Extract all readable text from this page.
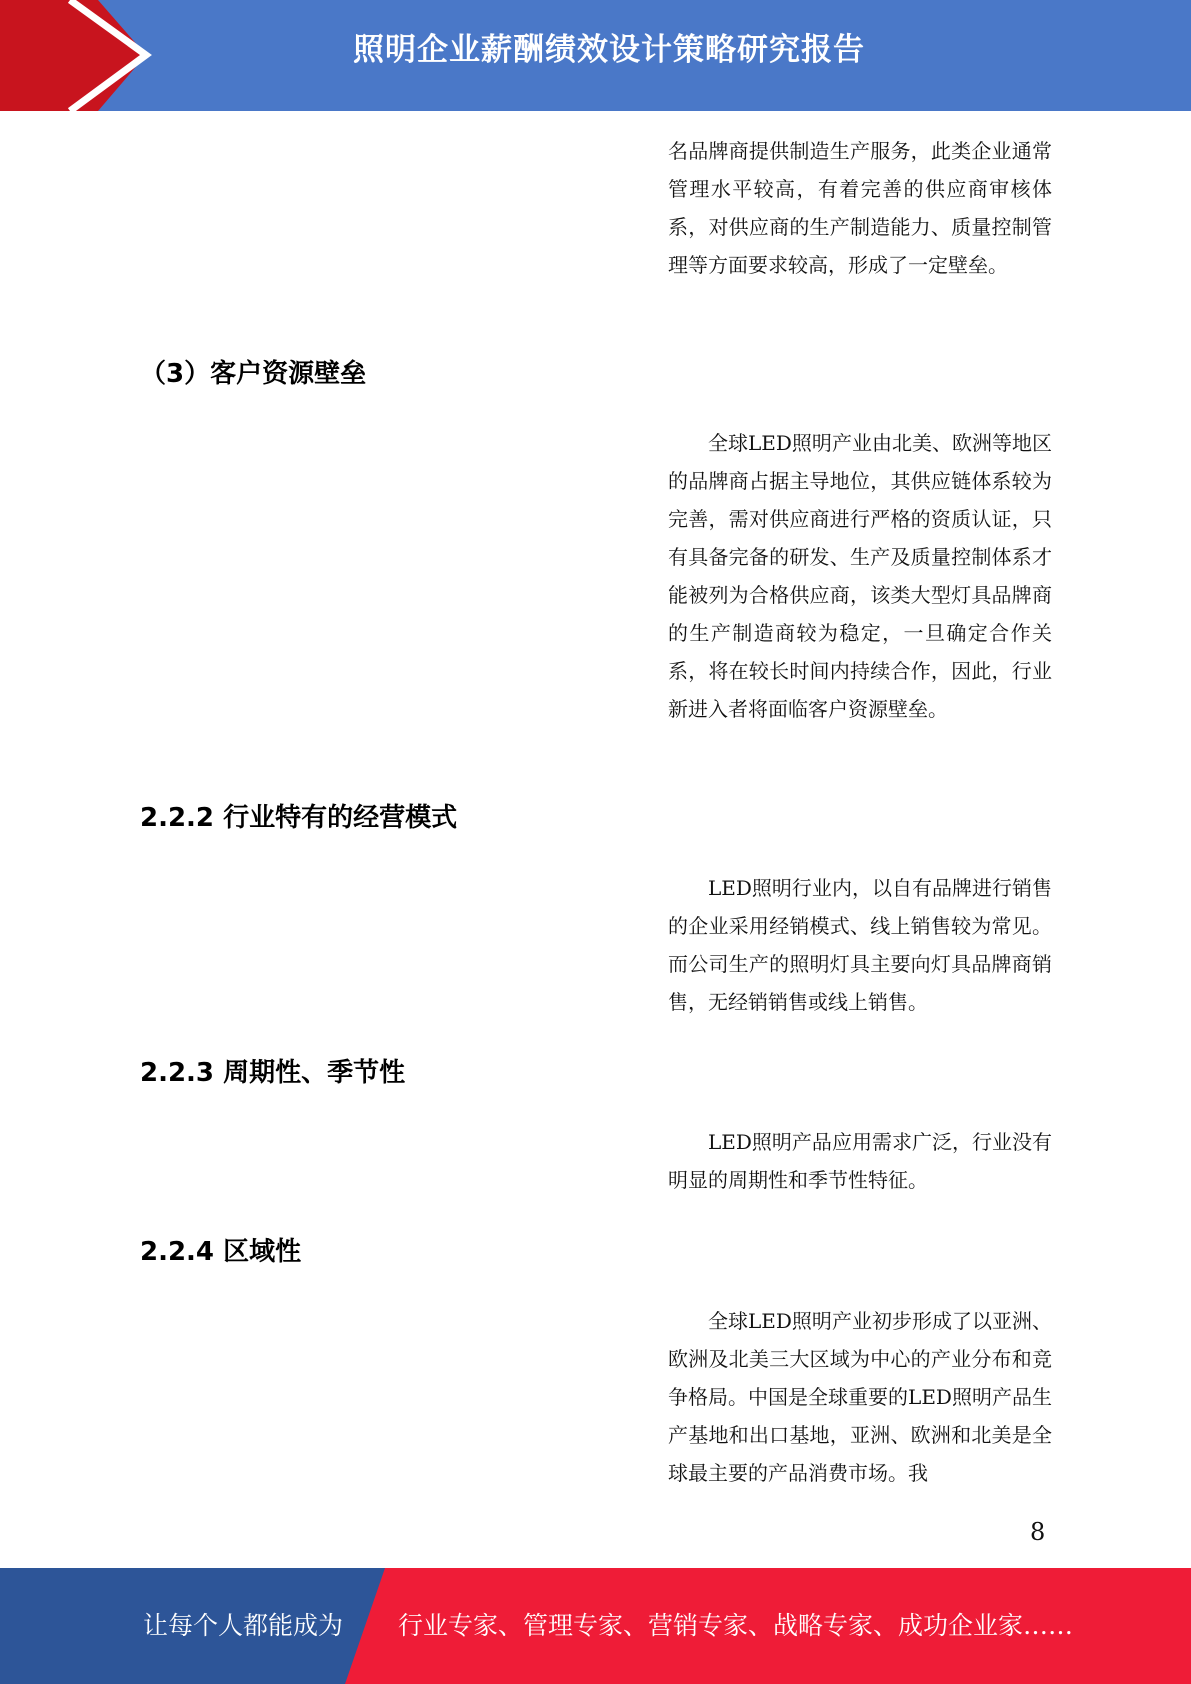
照明企业薪酬绩效设计策略研究报告
名品牌商提供制造生产服务，此类企业通常管理水平较高，有着完善的供应商审核体系，对供应商的生产制造能力、质量控制管理等方面要求较高，形成了一定壁垒。
（3）客户资源壁垒
全球LED照明产业由北美、欧洲等地区的品牌商占据主导地位，其供应链体系较为完善，需对供应商进行严格的资质认证，只有具备完备的研发、生产及质量控制体系才能被列为合格供应商，该类大型灯具品牌商的生产制造商较为稳定，一旦确定合作关系，将在较长时间内持续合作，因此，行业新进入者将面临客户资源壁垒。
2.2.2 行业特有的经营模式
LED照明行业内，以自有品牌进行销售的企业采用经销模式、线上销售较为常见。而公司生产的照明灯具主要向灯具品牌商销售，无经销销售或线上销售。
2.2.3 周期性、季节性
LED照明产品应用需求广泛，行业没有明显的周期性和季节性特征。
2.2.4 区域性
全球LED照明产业初步形成了以亚洲、欧洲及北美三大区域为中心的产业分布和竞争格局。中国是全球重要的LED照明产品生产基地和出口基地，亚洲、欧洲和北美是全球最主要的产品消费市场。我
8
让每个人都能成为 行业专家、管理专家、营销专家、战略专家、成功企业家……
